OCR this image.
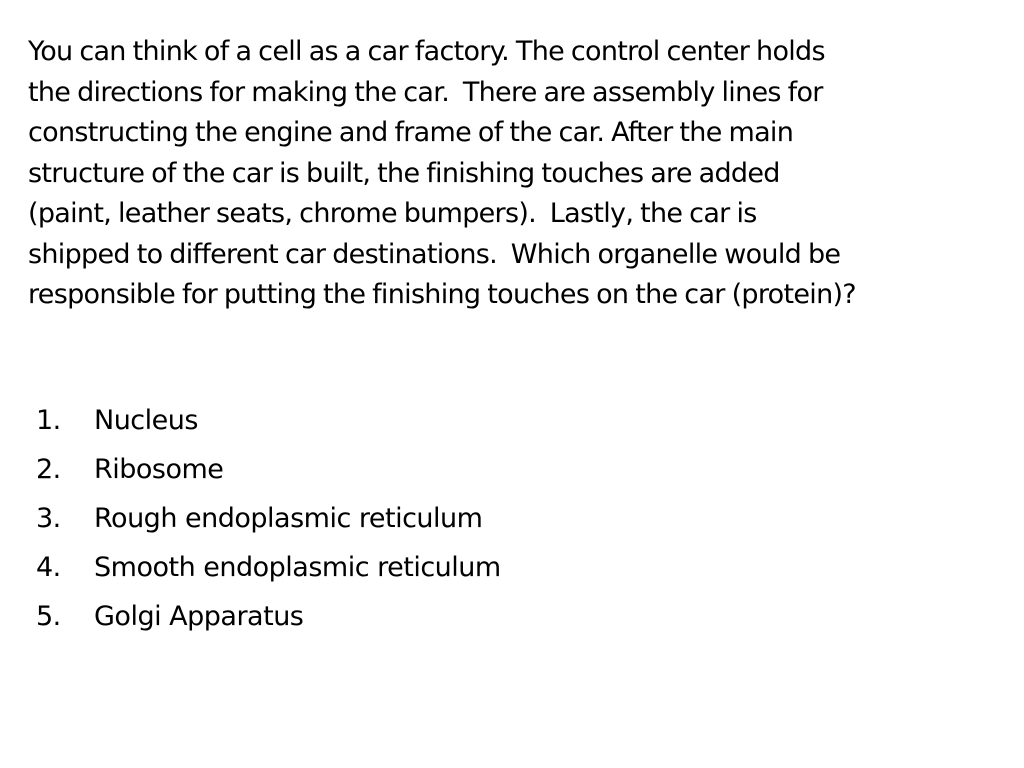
You can think of a cell as a car factory. The control center holds
the directions for making the car.  There are assembly lines for
constructing the engine and frame of the car. After the main
structure of the car is built, the finishing touches are added
(paint, leather seats, chrome bumpers).  Lastly, the car is
shipped to different car destinations.  Which organelle would be
responsible for putting the finishing touches on the car (protein)?

1. Nucleus
2. Ribosome
3. Rough endoplasmic reticulum
4. Smooth endoplasmic reticulum
5. Golgi Apparatus
